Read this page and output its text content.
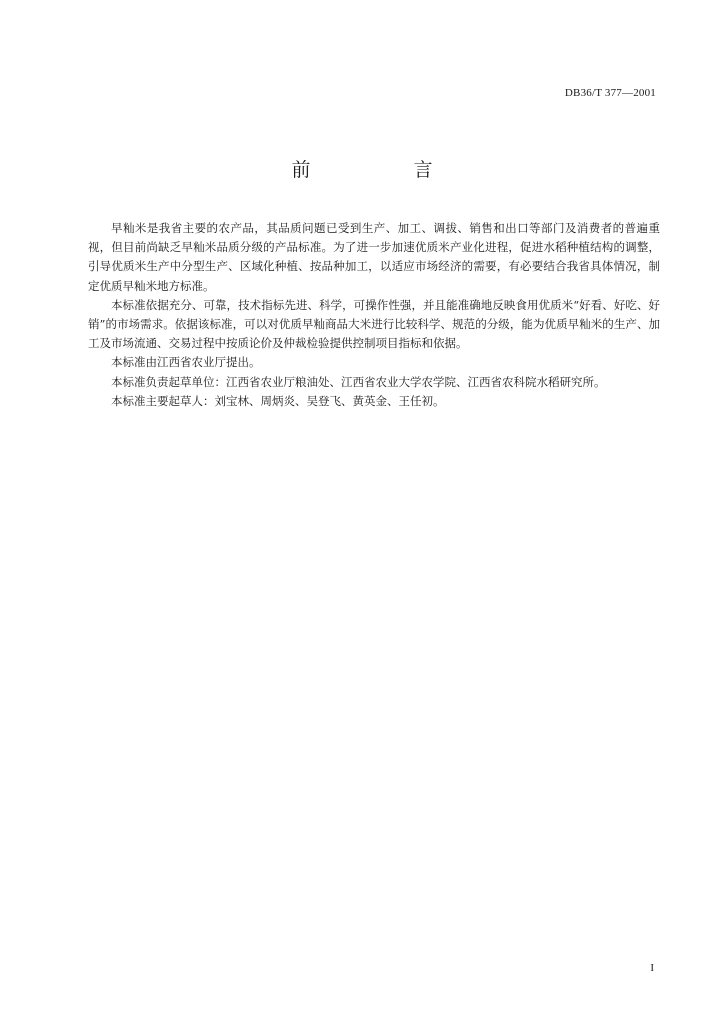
DB36/T 377—2001
前　言

早籼米是我省主要的农产品，其品质问题已受到生产、加工、调拔、销售和出口等部门及消费者的普遍重视，但目前尚缺乏早籼米品质分级的产品标准。为了进一步加速优质米产业化进程，促进水稻种植结构的调整，引导优质米生产中分型生产、区域化种植、按品种加工，以适应市场经济的需要，有必要结合我省具体情况，制定优质早籼米地方标准。

本标准依据充分、可靠，技术指标先进、科学，可操作性强，并且能准确地反映食用优质米“好看、好吃、好销”的市场需求。依据该标准，可以对优质早籼商品大米进行比较科学、规范的分级，能为优质早籼米的生产、加工及市场流通、交易过程中按质论价及仲裁检验提供控制项目指标和依据。

本标准由江西省农业厅提出。

本标准负责起草单位：江西省农业厅粮油处、江西省农业大学农学院、江西省农科院水稻研究所。

本标准主要起草人：刘宝林、周炳炎、吴登飞、黄英金、王任初。

I
